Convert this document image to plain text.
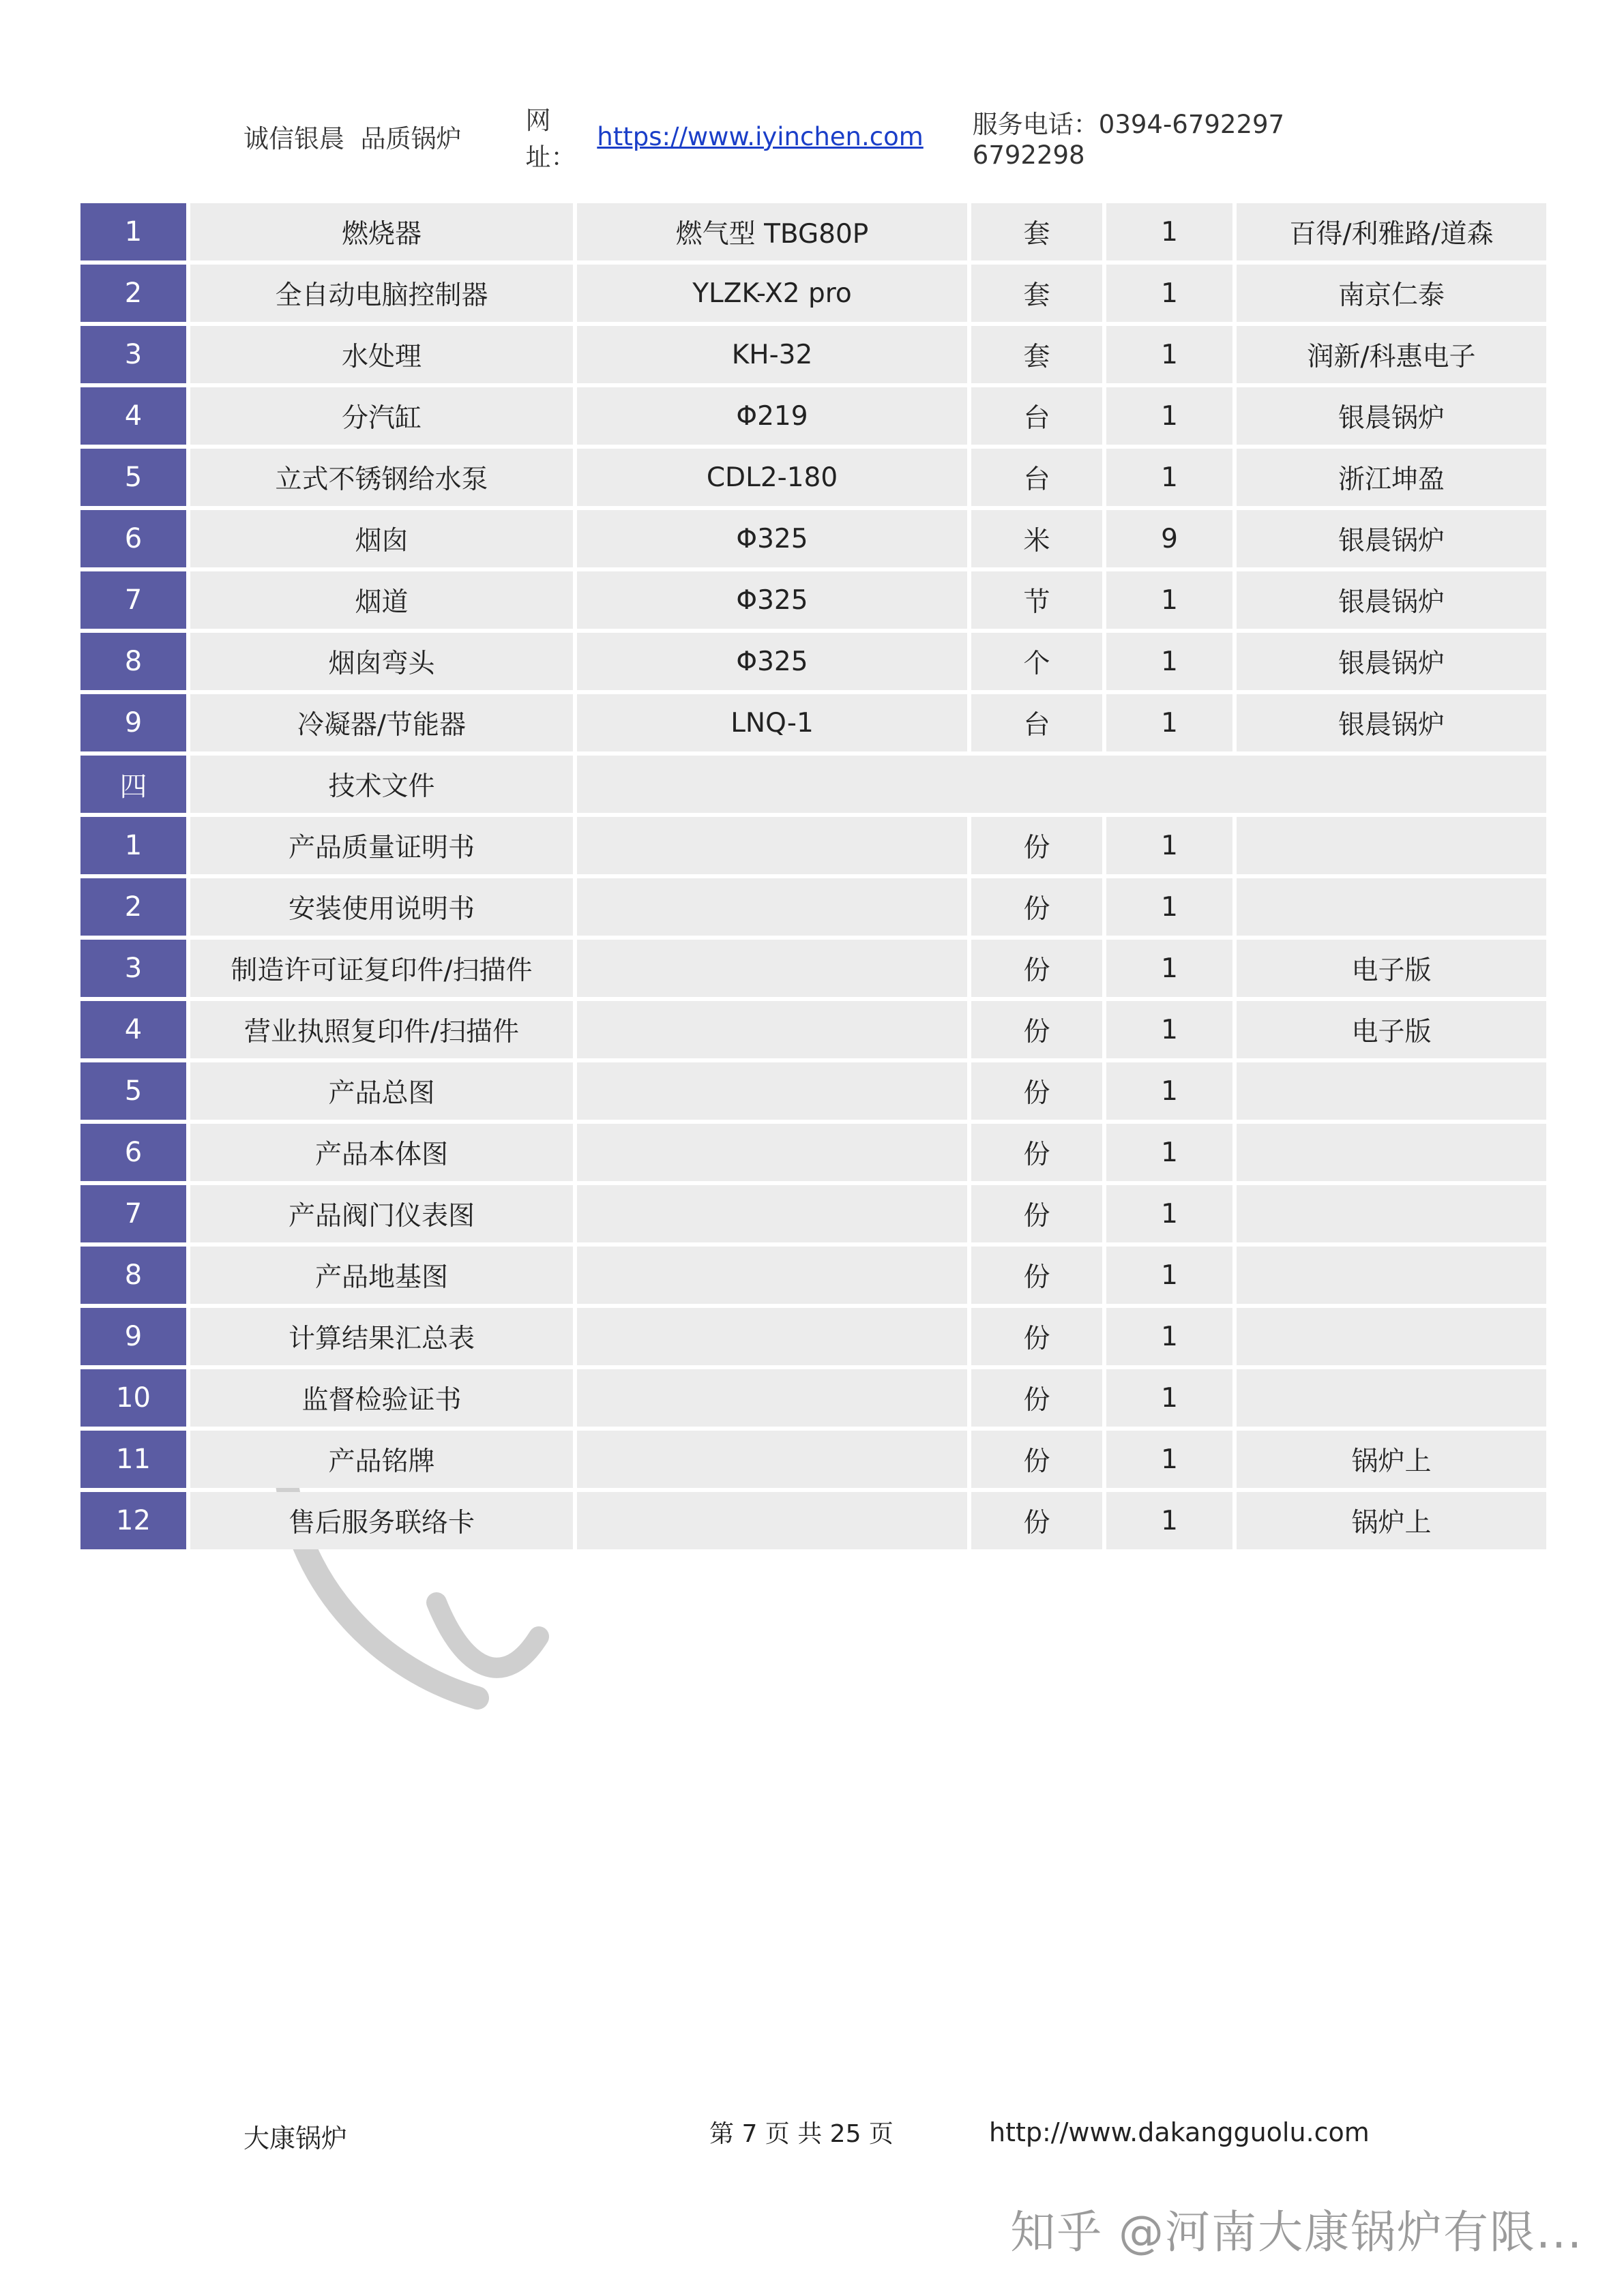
诚信银晨  品质锅炉
网址：
https://www.iyinchen.com 服务电话：0394-6792297 6792298
1	燃烧器	燃气型 TBG80P	套	1	百得/利雅路/道森
2	全自动电脑控制器	YLZK-X2 pro	套	1	南京仁泰
3	水处理	KH-32	套	1	润新/科惠电子
4	分汽缸	Φ219	台	1	银晨锅炉
5	立式不锈钢给水泵	CDL2-180	台	1	浙江坤盈
6	烟囱	Φ325	米	9	银晨锅炉
7	烟道	Φ325	节	1	银晨锅炉
8	烟囱弯头	Φ325	个	1	银晨锅炉
9	冷凝器/节能器	LNQ-1	台	1	银晨锅炉
四	技术文件				
1	产品质量证明书		份	1	
2	安装使用说明书		份	1	
3	制造许可证复印件/扫描件		份	1	电子版
4	营业执照复印件/扫描件		份	1	电子版
5	产品总图		份	1	
6	产品本体图		份	1	
7	产品阀门仪表图		份	1	
8	产品地基图		份	1	
9	计算结果汇总表		份	1	
10	监督检验证书		份	1	
11	产品铭牌		份	1	锅炉上
12	售后服务联络卡		份	1	锅炉上
大康锅炉	第 7 页 共 25 页	http://www.dakangguolu.com
知乎 @河南大康锅炉有限...
